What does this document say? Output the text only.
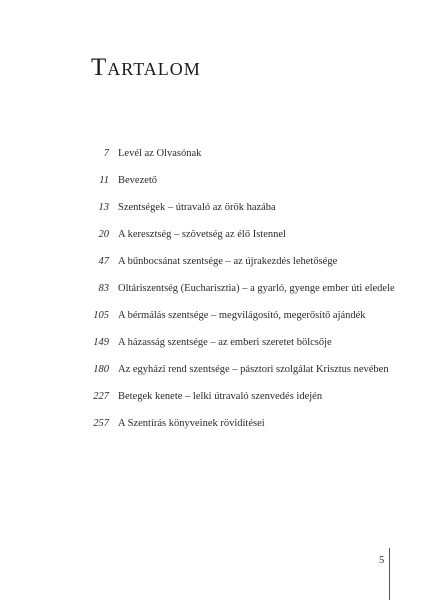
Tartalom
7 Levél az Olvasónak
11 Bevezető
13 Szentségek – útravaló az örök hazába
20 A keresztség – szövetség az élő Istennel
47 A bűnbocsánat szentsége – az újrakezdés lehetősége
83 Oltáriszentség (Eucharisztia) – a gyarló, gyenge ember úti eledele
105 A bérmálás szentsége – megvilágosító, megerősítő ajándék
149 A házasság szentsége – az emberi szeretet bölcsője
180 Az egyházi rend szentsége – pásztori szolgálat Krisztus nevében
227 Betegek kenete – lelki útravaló szenvedés idején
257 A Szentírás könyveinek rövidítései
5
